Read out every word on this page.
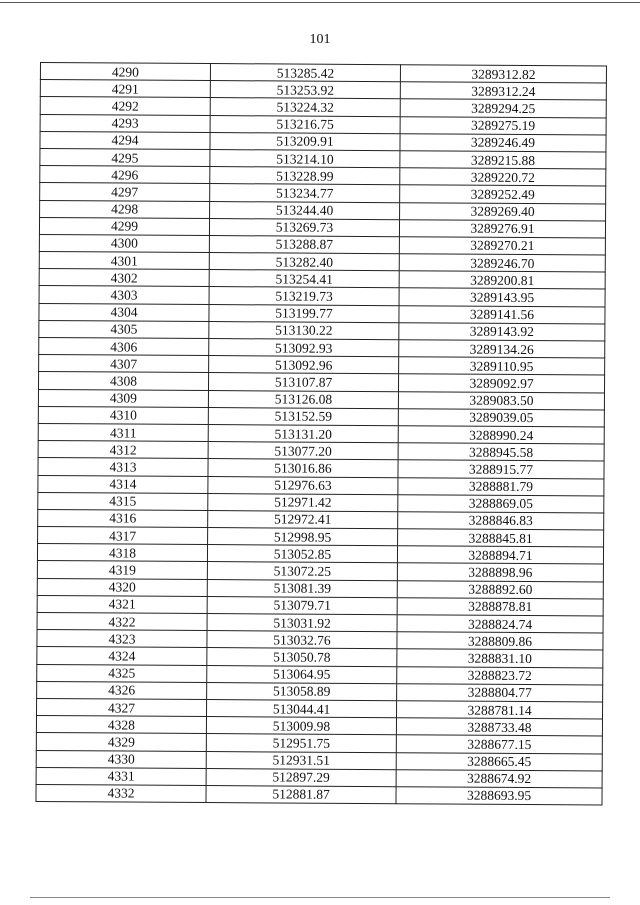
101
4290	513285.42	3289312.82
4291	513253.92	3289312.24
4292	513224.32	3289294.25
4293	513216.75	3289275.19
4294	513209.91	3289246.49
4295	513214.10	3289215.88
4296	513228.99	3289220.72
4297	513234.77	3289252.49
4298	513244.40	3289269.40
4299	513269.73	3289276.91
4300	513288.87	3289270.21
4301	513282.40	3289246.70
4302	513254.41	3289200.81
4303	513219.73	3289143.95
4304	513199.77	3289141.56
4305	513130.22	3289143.92
4306	513092.93	3289134.26
4307	513092.96	3289110.95
4308	513107.87	3289092.97
4309	513126.08	3289083.50
4310	513152.59	3289039.05
4311	513131.20	3288990.24
4312	513077.20	3288945.58
4313	513016.86	3288915.77
4314	512976.63	3288881.79
4315	512971.42	3288869.05
4316	512972.41	3288846.83
4317	512998.95	3288845.81
4318	513052.85	3288894.71
4319	513072.25	3288898.96
4320	513081.39	3288892.60
4321	513079.71	3288878.81
4322	513031.92	3288824.74
4323	513032.76	3288809.86
4324	513050.78	3288831.10
4325	513064.95	3288823.72
4326	513058.89	3288804.77
4327	513044.41	3288781.14
4328	513009.98	3288733.48
4329	512951.75	3288677.15
4330	512931.51	3288665.45
4331	512897.29	3288674.92
4332	512881.87	3288693.95
